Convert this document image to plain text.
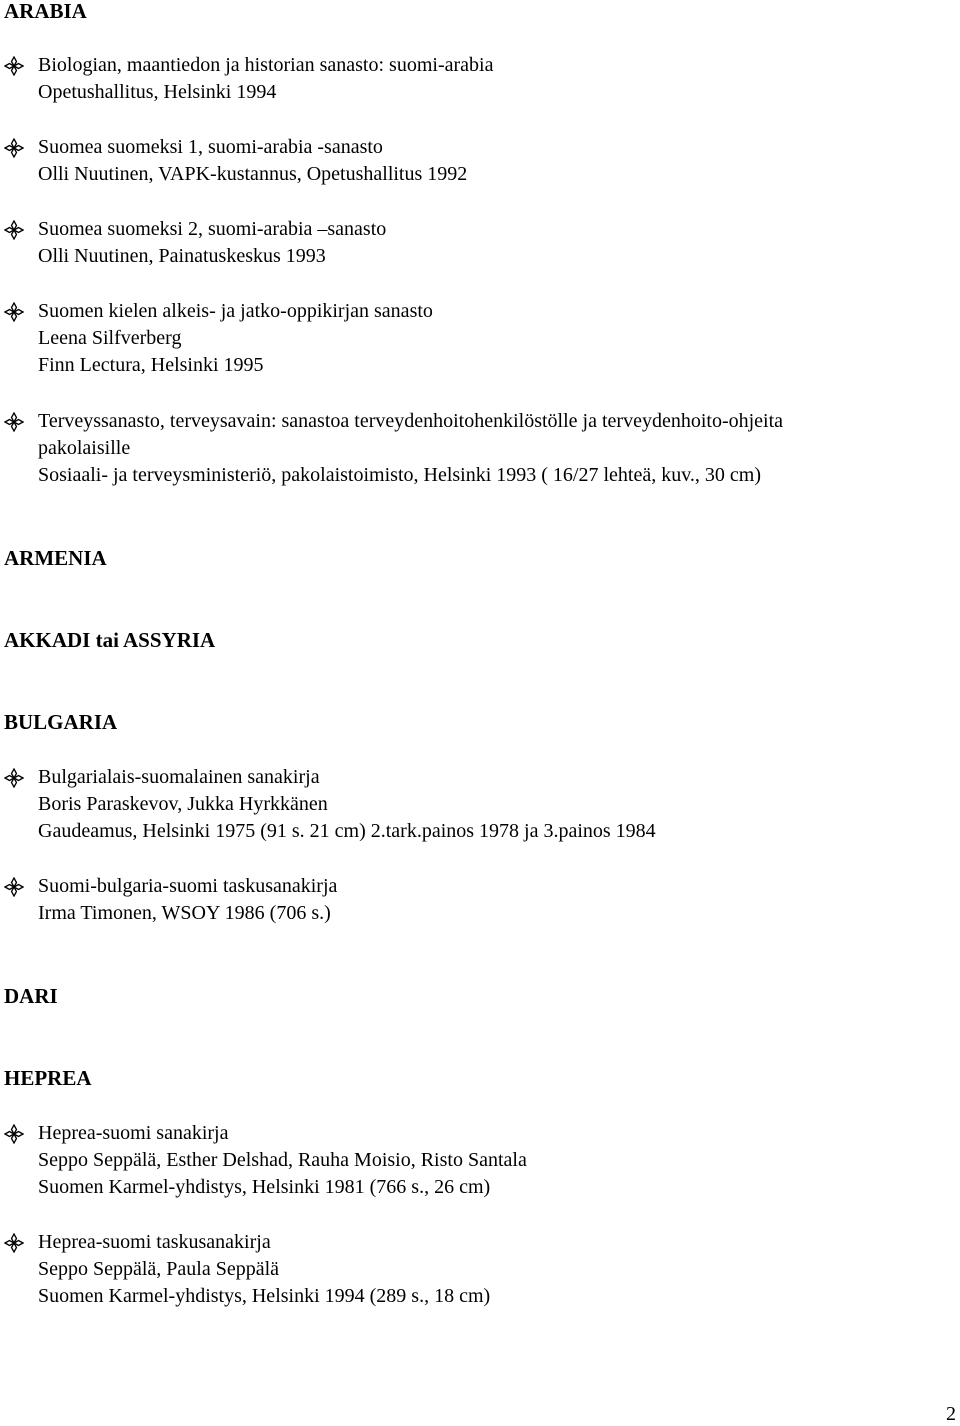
ARABIA
Biologian, maantiedon ja historian sanasto: suomi-arabia
Opetushallitus, Helsinki 1994
Suomea suomeksi 1, suomi-arabia -sanasto
Olli Nuutinen, VAPK-kustannus, Opetushallitus 1992
Suomea suomeksi 2, suomi-arabia –sanasto
Olli Nuutinen, Painatuskeskus 1993
Suomen kielen alkeis- ja jatko-oppikirjan sanasto
Leena Silfverberg
Finn Lectura, Helsinki 1995
Terveyssanasto, terveysavain: sanastoa terveydenhoitohenkilöstölle ja terveydenhoito-ohjeita
pakolaisille
Sosiaali- ja terveysministeriö, pakolaistoimisto, Helsinki 1993 ( 16/27 lehteä, kuv., 30 cm)
ARMENIA
AKKADI tai ASSYRIA
BULGARIA
Bulgarialais-suomalainen sanakirja
Boris Paraskevov, Jukka Hyrkkänen
Gaudeamus, Helsinki 1975 (91 s. 21 cm) 2.tark.painos 1978 ja 3.painos 1984
Suomi-bulgaria-suomi taskusanakirja
Irma Timonen, WSOY 1986 (706 s.)
DARI
HEPREA
Heprea-suomi sanakirja
Seppo Seppälä, Esther Delshad, Rauha Moisio, Risto Santala
Suomen Karmel-yhdistys, Helsinki 1981 (766 s., 26 cm)
Heprea-suomi taskusanakirja
Seppo Seppälä, Paula Seppälä
Suomen Karmel-yhdistys, Helsinki 1994 (289 s., 18 cm)
2
